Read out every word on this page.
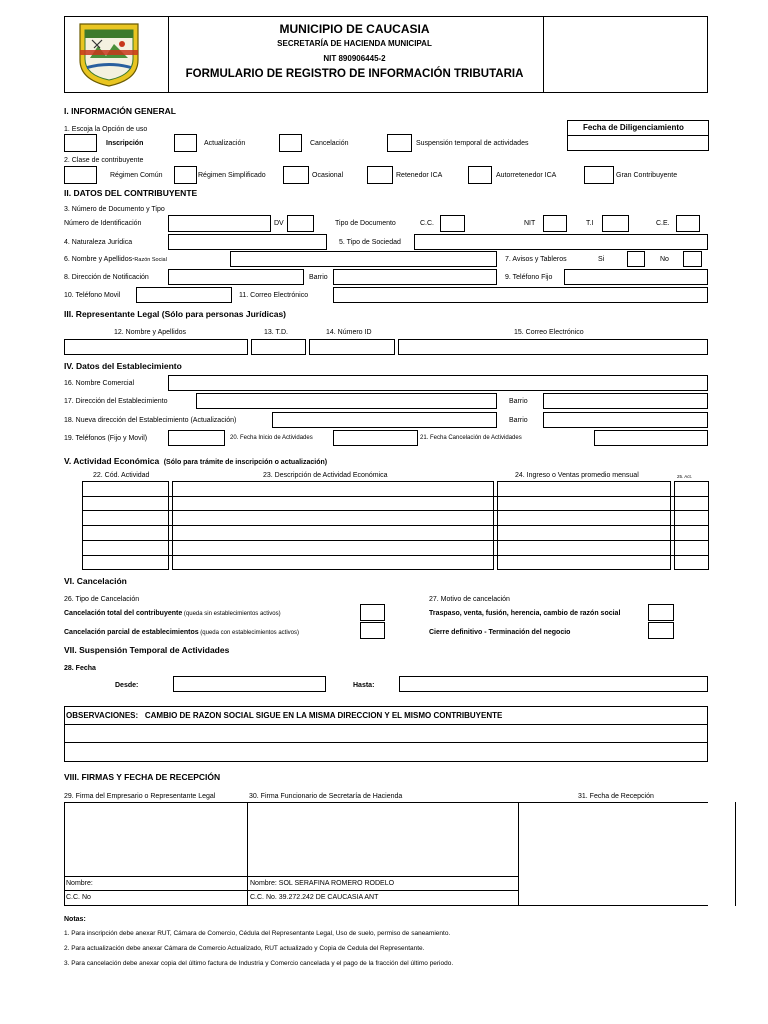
MUNICIPIO DE CAUCASIA
SECRETARÍA DE HACIENDA MUNICIPAL
NIT 890906445-2
FORMULARIO DE REGISTRO DE INFORMACIÓN TRIBUTARIA
I. INFORMACIÓN GENERAL
1. Escoja la Opción de uso	Fecha de Diligenciamiento
Inscripción	Actualización	Cancelación	Suspensión temporal de actividades
2. Clase de contribuyente
Régimen Común	Régimen Simplificado	Ocasional	Retenedor ICA	Autorretenedor ICA	Gran Contribuyente
II. DATOS DEL CONTRIBUYENTE
3. Número de Documento y Tipo
Número de Identificación	DV	Tipo de Documento	C.C.	NIT	T.I	C.E.
4. Naturaleza Jurídica	5. Tipo de Sociedad
6. Nombre y Apellidos-Razón Social	7. Avisos y Tableros	Si	No
8. Dirección de Notificación	Barrio	9. Teléfono Fijo
10. Teléfono Movil	11. Correo Electrónico
III. Representante Legal (Sólo para personas Jurídicas)
12. Nombre y Apellidos	13. T.D.	14. Número ID	15. Correo Electrónico
IV. Datos del Establecimiento
16. Nombre Comercial
17. Dirección del Establecimiento	Barrio
18. Nueva dirección del Establecimiento (Actualización)	Barrio
19. Teléfonos (Fijo y Movil)	20. Fecha Inicio de Actividades	21. Fecha Cancelación de Actividades
V. Actividad Económica (Sólo para trámite de inscripción o actualización)
22. Cód. Actividad	23. Descripción de Actividad Económica	24. Ingreso o Ventas promedio mensual	25. Act.
VI. Cancelación
26. Tipo de Cancelación	27. Motivo de cancelación
Cancelación total del contribuyente (queda sin establecimientos activos)
Cancelación parcial de establecimientos (queda con establecimientos activos)
Traspaso, venta, fusión, herencia, cambio de razón social
Cierre definitivo - Terminación del negocio
VII. Suspensión Temporal de Actividades
28. Fecha
Desde:	Hasta:
OBSERVACIONES: CAMBIO DE RAZON SOCIAL SIGUE EN LA MISMA DIRECCION Y EL MISMO CONTRIBUYENTE
VIII. FIRMAS Y FECHA DE RECEPCIÓN
29. Firma del Empresario o Representante Legal	30. Firma Funcionario de Secretaría de Hacienda	31. Fecha de Recepción
Nombre:
C.C. No
Nombre: SOL SERAFINA ROMERO RODELO
C.C. No. 39.272.242 DE CAUCASIA ANT
Notas:
1. Para inscripción debe anexar RUT, Cámara de Comercio, Cédula del Representante Legal, Uso de suelo, permiso de saneamiento.
2. Para actualización debe anexar Cámara de Comercio Actualizado, RUT actualizado y Copia de Cedula del Representante.
3. Para cancelación debe anexar copia del último factura de Industria y Comercio cancelada y el pago de la fracción del último periodo.
